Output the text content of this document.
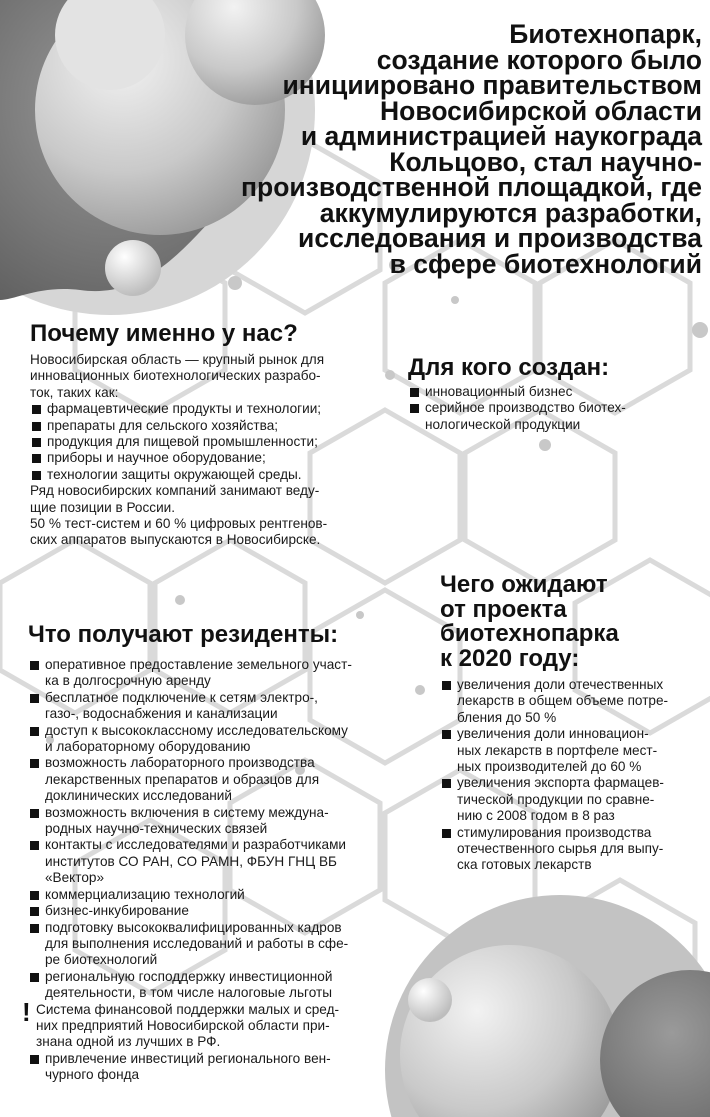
Биотехнопарк,
создание которого было
инициировано правительством
Новосибирской области
и администрацией наукограда
Кольцово, стал научно-
производственной площадкой, где
аккумулируются разработки,
исследования и производства
в сфере биотехнологий
Почему именно у нас?

Новосибирская область — крупный рынок для

инновационных биотехнологических разрабо-

ток, таких как:

фармацевтические продукты и технологии;
препараты для сельского хозяйства;
продукция для пищевой промышленности;
приборы и научное оборудование;
технологии защиты окружающей среды.

Ряд новосибирских компаний занимают веду-

щие позиции в России.

50 % тест-систем и 60 % цифровых рентгенов-

ских аппаратов выпускаются в Новосибирске.

Для кого создан:
инновационный бизнес
серийное производство биотех-
нологической продукции
Что получают резиденты:
оперативное предоставление земельного участ-
ка в долгосрочную аренду
бесплатное подключение к сетям электро-,
газо-, водоснабжения и канализации
доступ к высококлассному исследовательскому
и лабораторному оборудованию
возможность лабораторного производства
лекарственных препаратов и образцов для
доклинических исследований
возможность включения в систему междуна-
родных научно-технических связей
контакты с исследователями и разработчиками
институтов СО РАН, СО РАМН, ФБУН ГНЦ ВБ
«Вектор»
коммерциализацию технологий
бизнес-инкубирование
подготовку высококвалифицированных кадров
для выполнения исследований и работы в сфе-
ре биотехнологий
региональную господдержку инвестиционной
деятельности, в том числе налоговые льготы
! Система финансовой поддержки малых и сред-

них предприятий Новосибирской области при-

знана одной из лучших в РФ.

привлечение инвестиций регионального вен-
чурного фонда
Чего ожидают
от проекта
биотехнопарка
к 2020 году:
увеличения доли отечественных
лекарств в общем объеме потре-
бления до 50 %
увеличения доли инновацион-
ных лекарств в портфеле мест-
ных производителей до 60 %
увеличения экспорта фармацев-
тической продукции по сравне-
нию с 2008 годом в 8 раз
стимулирования производства
отечественного сырья для выпу-
ска готовых лекарств
